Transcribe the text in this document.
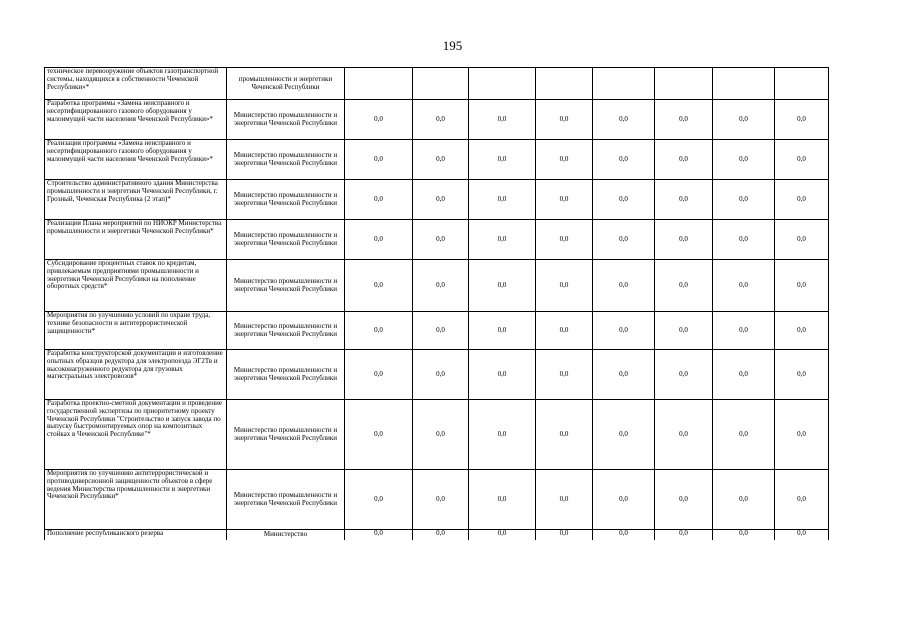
195
техническое перевооружение объектов газотранспортной системы, находящихся в собственности Чеченской Республики»*	промышленности и энергетики Чеченской Республики								
Разработка программы «Замена неисправного и несертифицированного газового оборудования у малоимущей части населения Чеченской Республики»*	Министерство промышленности и энергетики Чеченской Республики	0,0	0,0	0,0	0,0	0,0	0,0	0,0	0,0
Реализация программы «Замена неисправного и несертифицированного газового оборудования у малоимущей части населения Чеченской Республики»*	Министерство промышленности и энергетики Чеченской Республики	0,0	0,0	0,0	0,0	0,0	0,0	0,0	0,0
Строительство административного здания Министерства промышленности и энергетики Чеченской Республики, г. Грозный, Чеченская Республика (2 этап)*	Министерство промышленности и энергетики Чеченской Республики	0,0	0,0	0,0	0,0	0,0	0,0	0,0	0,0
Реализация Плана мероприятий по НИОКР Министерства промышленности и энергетики Чеченской Республики*	Министерство промышленности и энергетики Чеченской Республики	0,0	0,0	0,0	0,0	0,0	0,0	0,0	0,0
Субсидирование процентных ставок по кредитам, привлекаемым предприятиями промышленности и энергетики Чеченской Республики на пополнение оборотных средств*	Министерство промышленности и энергетики Чеченской Республики	0,0	0,0	0,0	0,0	0,0	0,0	0,0	0,0
Мероприятия по улучшению условий по охране труда, технике безопасности и антитеррористической защищенности*	Министерство промышленности и энергетики Чеченской Республики	0,0	0,0	0,0	0,0	0,0	0,0	0,0	0,0
Разработка конструкторской документации и изготовление опытных образцов редуктора для электропоезда ЭГ2Тв и высоконагруженного редуктора для грузовых магистральных электровозов*	Министерство промышленности и энергетики Чеченской Республики	0,0	0,0	0,0	0,0	0,0	0,0	0,0	0,0
Разработка проектно-сметной документации и проведение государственной экспертизы по приоритетному проекту Чеченской Республики "Строительство и запуск завода по выпуску быстромонтируемых опор на композитных стойках в Чеченской Республике"*	Министерство промышленности и энергетики Чеченской Республики	0,0	0,0	0,0	0,0	0,0	0,0	0,0	0,0
Мероприятия по улучшению антитеррористической и противодиверсионной защищенности объектов в сфере ведения Министерства промышленности и энергетики Чеченской Республики*	Министерство промышленности и энергетики Чеченской Республики	0,0	0,0	0,0	0,0	0,0	0,0	0,0	0,0
Пополнение республиканского резерва	Министерство	0,0	0,0	0,0	0,0	0,0	0,0	0,0	0,0
